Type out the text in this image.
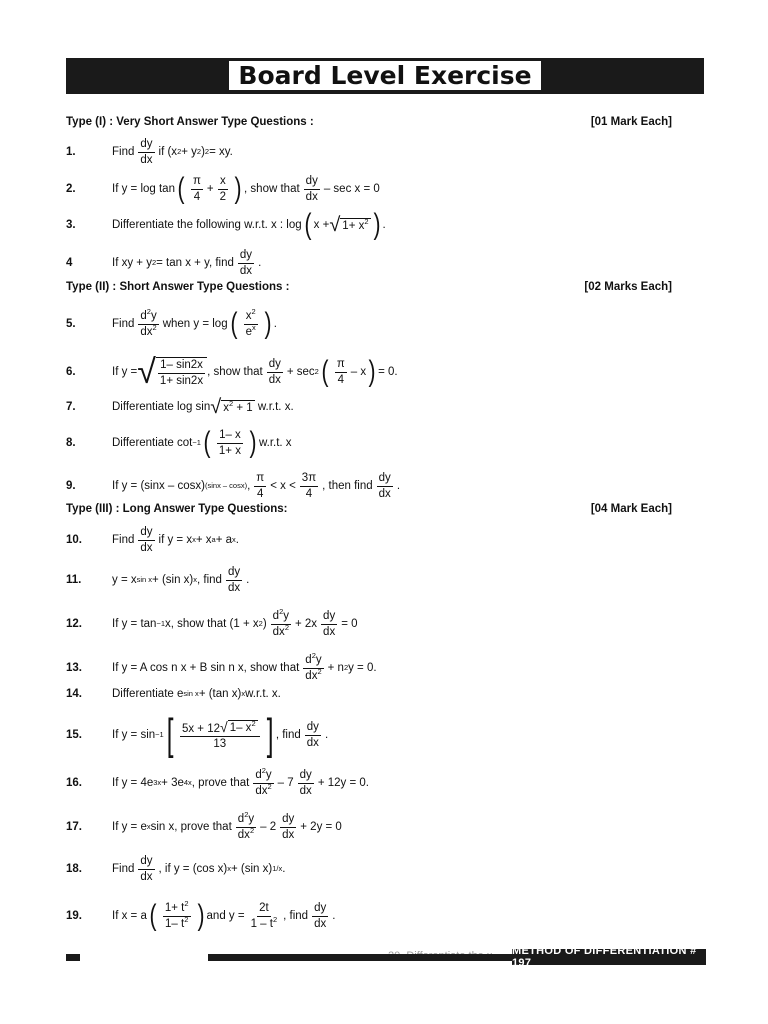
Board Level Exercise
Type (I) : Very Short Answer Type Questions :	[01 Mark Each]
1.	Find $\frac{dy}{dx}$ if (x 2 + y 2 ) 2 = xy.
2.	If y = log tan ( $\frac{\pi}{4} + \frac{x}{2}$ ) , show that $\frac{dy}{dx} - \sec x = 0$
3.	Differentiate the following w.r.t. x : log ( x + √ $1+ x^2$ ) .
4	If xy + y 2 = tan x + y, find $\frac{dy}{dx}$ .
Type (II) : Short Answer Type Questions :	[02 Marks Each]
5.	Find $\frac{d^2y}{dx^2}$ when y = log ( $\frac{x^2}{e^x}$ ) .
6.	If y = √ $\frac{1- \sin 2x}{1+ \sin 2x}$ , show that $\frac{dy}{dx} + \sec 2$ ( $\frac{\pi}{4}$ – x ) = 0.
7.	Differentiate log sin √ $x^2 + 1$
w.r.t. x.
8.	Differentiate cot −1 ( $\frac{1- x}{1+ x}$ ) w.r.t. x
9.	If y = (sinx – cosx) (sinx – cosx) , $\frac{\pi}{4} < x < \frac{3\pi}{4}$ , then find $\frac{dy}{dx}$ .
Type (III) : Long Answer Type Questions:	[04 Mark Each]
10.	Find $\frac{dy}{dx}$ if y = x x + x a + a x .
11.	y = x sin x + (sin x) x , find $\frac{dy}{dx}$ .
12.	If y = tan −1 x, show that (1 + x 2 ) $\frac{d^2y}{dx^2} + 2x \frac{dy}{dx} = 0$
13.	If y = A cos n x + B sin n x, show that $\frac{d^2y}{dx^2} + n$ 2 y = 0.
14.	Differentiate e sin x + (tan x) x w.r.t. x.
15.	If y = sin −1 [ $\frac{5x + 12 √ 1- x^2}{13}$ ] , find $\frac{dy}{dx}$ .
16.	If y = 4e 3x + 3e 4x , prove that $\frac{d^2y}{dx^2} - 7 \frac{dy}{dx} + 12y = 0$.
17.	If y = e x sin x, prove that $\frac{d^2y}{dx^2} - 2 \frac{dy}{dx} + 2y = 0$
18.	Find $\frac{dy}{dx}$ , if y = (cos x) x + (sin x) 1/x .
19.	If x = a ( $\frac{1+ t^2}{1- t^2}$ ) and $y = \frac{2t}{1 - t^2}$ , find $\frac{dy}{dx}$ .
METHOD OF DIFFERENTIATION # 197
